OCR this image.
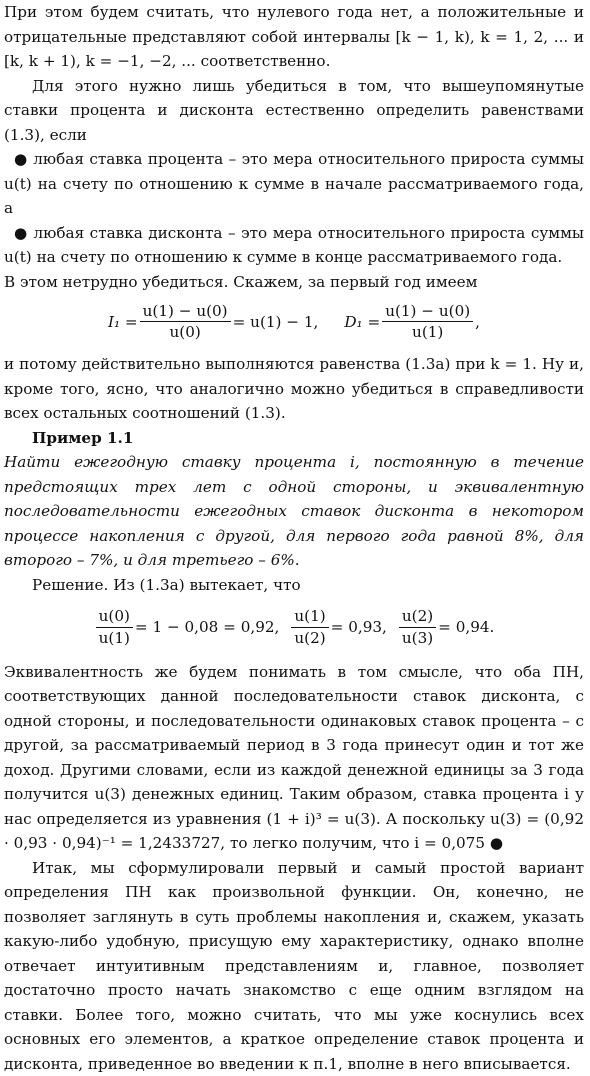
При этом будем считать, что нулевого года нет, а положительные и отрицательные представляют собой интервалы [k − 1, k), k = 1, 2, ... и [k, k + 1), k = −1, −2, ... соответственно.

Для этого нужно лишь убедиться в том, что вышеупомянутые ставки процента и дисконта естественно определить равенствами (1.3), если

● любая ставка процента – это мера относительного прироста суммы u(t) на счету по отношению к сумме в начале рассматриваемого года, а

● любая ставка дисконта – это мера относительного прироста суммы u(t) на счету по отношению к сумме в конце рассматриваемого года.

В этом нетрудно убедиться. Скажем, за первый год имеем

$I_1 = \frac{u(1) - u(0)}{u(0)} = u(1) - 1$, $D_1 = \frac{u(1) - u(0)}{u(1)}$ ,

и потому действительно выполняются равенства (1.3а) при k = 1. Ну и, кроме того, ясно, что аналогично можно убедиться в справедливости всех остальных соотношений (1.3).

Пример 1.1

Найти ежегодную ставку процента i, постоянную в течение предстоящих трех лет с одной стороны, и эквивалентную последовательности ежегодных ставок дисконта в некотором процессе накопления с другой, для первого года равной 8%, для второго – 7%, и для третьего – 6%.

Решение. Из (1.3а) вытекает, что

$\frac{u(0)}{u(1)} = 1 - 0,08 = 0,92$, $\frac{u(1)}{u(2)} = 0,93$, $\frac{u(2)}{u(3)} = 0,94$.

Эквивалентность же будем понимать в том смысле, что оба ПН, соответствующих данной последовательности ставок дисконта, с одной стороны, и последовательности одинаковых ставок процента – с другой, за рассматриваемый период в 3 года принесут один и тот же доход. Другими словами, если из каждой денежной единицы за 3 года получится u(3) денежных единиц. Таким образом, ставка процента i у нас определяется из уравнения (1 + i)³ = u(3). А поскольку u(3) = (0,92 · 0,93 · 0,94)⁻¹ = 1,2433727, то легко получим, что i = 0,075 ●

Итак, мы сформулировали первый и самый простой вариант определения ПН как произвольной функции. Он, конечно, не позволяет заглянуть в суть проблемы накопления и, скажем, указать какую-либо удобную, присущую ему характеристику, однако вполне отвечает интуитивным представлениям и, главное, позволяет достаточно просто начать знакомство с еще одним взглядом на ставки. Более того, можно считать, что мы уже коснулись всех основных его элементов, а краткое определение ставок процента и дисконта, приведенное во введении к п.1, вполне в него вписывается.
